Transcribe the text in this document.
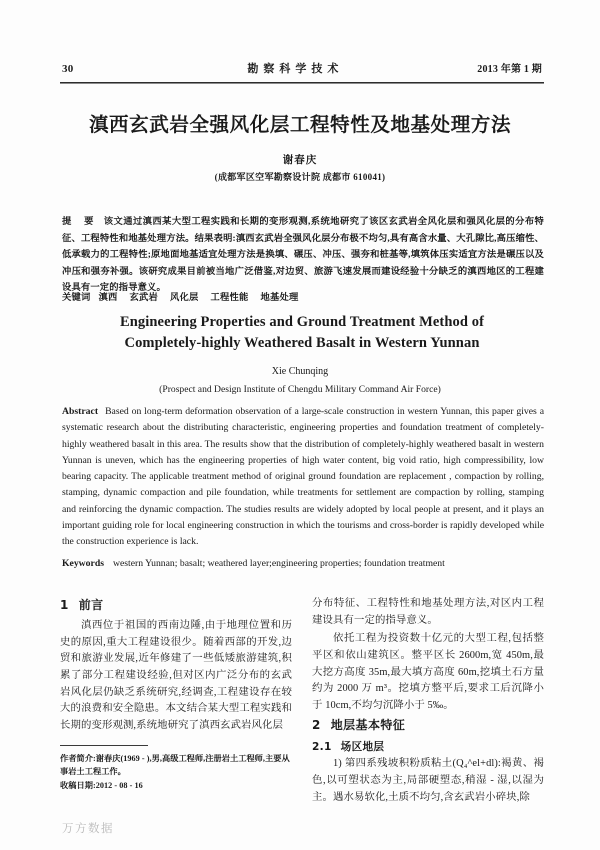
30	勘察科学技术	2013 年第 1 期
滇西玄武岩全强风化层工程特性及地基处理方法
谢春庆
(成都军区空军勘察设计院 成都市 610041)
提 要 该文通过滇西某大型工程实践和长期的变形观测,系统地研究了该区玄武岩全风化层和强风化层的分布特征、工程特性和地基处理方法。结果表明:滇西玄武岩全强风化层分布极不均匀,具有高含水量、大孔隙比,高压缩性、低承载力的工程特性;原地面地基适宜处理方法是换填、碾压、冲压、强夯和桩基等,填筑体压实适宜方法是碾压以及冲压和强夯补强。该研究成果目前被当地广泛借鉴,对边贸、旅游飞速发展而建设经验十分缺乏的滇西地区的工程建设具有一定的指导意义。
关键词 滇西 玄武岩 风化层 工程性能 地基处理
Engineering Properties and Ground Treatment Method of
Completely-highly Weathered Basalt in Western Yunnan
Xie Chunqing
(Prospect and Design Institute of Chengdu Military Command Air Force)
Abstract Based on long-term deformation observation of a large-scale construction in western Yunnan, this paper gives a systematic research about the distributing characteristic, engineering properties and foundation treatment of completely-highly weathered basalt in this area. The results show that the distribution of completely-highly weathered basalt in western Yunnan is uneven, which has the engineering properties of high water content, big void ratio, high compressibility, low bearing capacity. The applicable treatment method of original ground foundation are replacement , compaction by rolling, stamping, dynamic compaction and pile foundation, while treatments for settlement are compaction by rolling, stamping and reinforcing the dynamic compaction. The studies results are widely adopted by local people at present, and it plays an important guiding role for local engineering construction in which the tourisms and cross-border is rapidly developed while the construction experience is lack.
Keywords western Yunnan; basalt; weathered layer;engineering properties; foundation treatment
1 前言

滇西位于祖国的西南边陲,由于地理位置和历史的原因,重大工程建设很少。随着西部的开发,边贸和旅游业发展,近年修建了一些低矮旅游建筑,积累了部分工程建设经验,但对区内广泛分布的玄武岩风化层仍缺乏系统研究,经调查,工程建设存在较大的浪费和安全隐患。本文结合某大型工程实践和长期的变形观测,系统地研究了滇西玄武岩风化层

分布特征、工程特性和地基处理方法,对区内工程建设具有一定的指导意义。

依托工程为投资数十亿元的大型工程,包括整平区和依山建筑区。整平区长 2600m,宽 450m,最大挖方高度 35m,最大填方高度 60m,挖填土石方量约为 2000 万 m³。挖填方整平后,要求工后沉降小于 10cm,不均匀沉降小于 5‰。

2 地层基本特征
2.1 场区地层

1) 第四系残坡积粉质粘土(Q₄^el+dl):褐黄、褐色,以可塑状态为主,局部硬塑态,稍湿 - 湿,以湿为主。遇水易软化,土质不均匀,含玄武岩小碎块,除

作者简介:谢春庆(1969 - ),男,高级工程师,注册岩土工程师,主要从事岩土工程工作。
收稿日期:2012 - 08 - 16
万方数据
